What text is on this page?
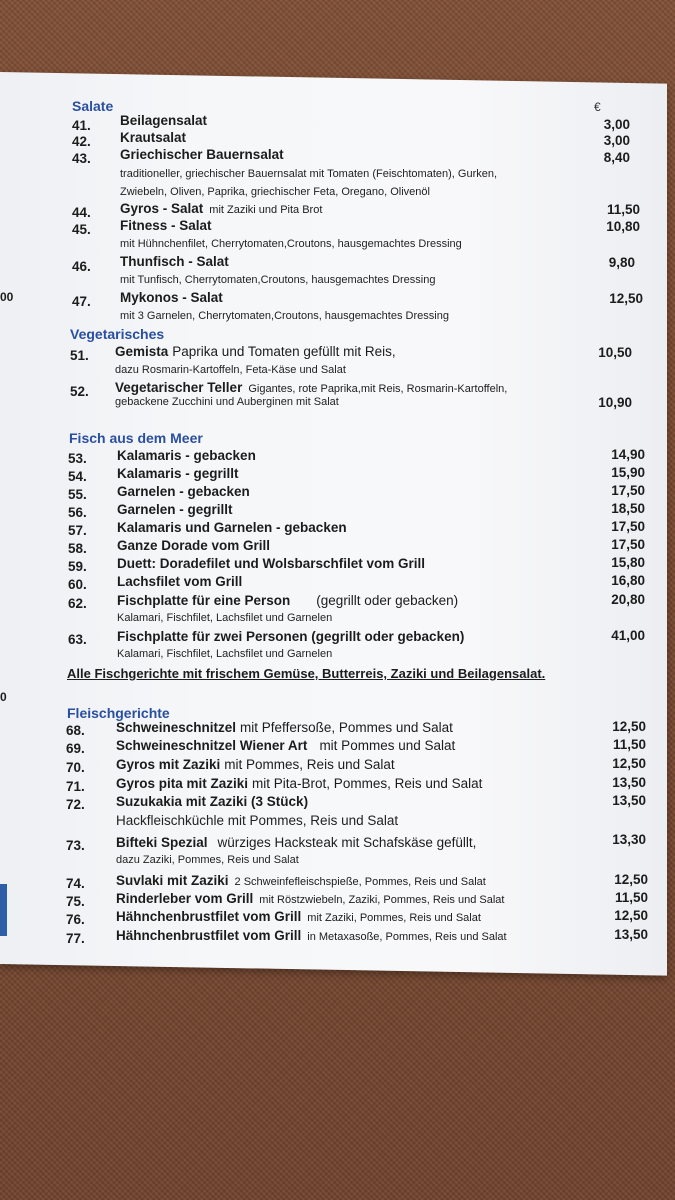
00
0
Salate	€
41. Beilagensalat	3,00
42. Krautsalat	3,00
43. Griechischer Bauernsalat	8,40
traditioneller, griechischer Bauernsalat mit Tomaten (Feischtomaten), Gurken,
Zwiebeln, Oliven, Paprika, griechischer Feta, Oregano, Olivenöl
44. Gyros - Salat mit Zaziki und Pita Brot	11,50
45. Fitness - Salat	10,80
mit Hühnchenfilet, Cherrytomaten,Croutons, hausgemachtes Dressing
46. Thunfisch - Salat	9,80
mit Tunfisch, Cherrytomaten,Croutons, hausgemachtes Dressing
47. Mykonos - Salat	12,50
mit 3 Garnelen, Cherrytomaten,Croutons, hausgemachtes Dressing
Vegetarisches
51. Gemista Paprika und Tomaten gefüllt mit Reis,	10,50
dazu Rosmarin-Kartoffeln, Feta-Käse und Salat
52. Vegetarischer Teller Gigantes, rote Paprika,mit Reis, Rosmarin-Kartoffeln,
gebackene Zucchini und Auberginen mit Salat	10,90
Fisch aus dem Meer
53. Kalamaris - gebacken	14,90
54. Kalamaris - gegrillt	15,90
55. Garnelen - gebacken	17,50
56. Garnelen - gegrillt	18,50
57. Kalamaris und Garnelen - gebacken	17,50
58. Ganze Dorade vom Grill	17,50
59. Duett: Doradefilet und Wolsbarschfilet vom Grill	15,80
60. Lachsfilet vom Grill	16,80
62. Fischplatte für eine Person (gegrillt oder gebacken)	20,80
Kalamari, Fischfilet, Lachsfilet und Garnelen
63. Fischplatte für zwei Personen (gegrillt oder gebacken)	41,00
Kalamari, Fischfilet, Lachsfilet und Garnelen
Alle Fischgerichte mit frischem Gemüse, Butterreis, Zaziki und Beilagensalat.
Fleischgerichte
68. Schweineschnitzel mit Pfeffersoße, Pommes und Salat	12,50
69. Schweineschnitzel Wiener Art mit Pommes und Salat	11,50
70. Gyros mit Zaziki mit Pommes, Reis und Salat	12,50
71. Gyros pita mit Zaziki mit Pita-Brot, Pommes, Reis und Salat	13,50
72. Suzukakia mit Zaziki (3 Stück)	13,50
Hackfleischküchle mit Pommes, Reis und Salat
73. Bifteki Spezial würziges Hacksteak mit Schafskäse gefüllt,	13,30
dazu Zaziki, Pommes, Reis und Salat
74. Suvlaki mit Zaziki 2 Schweinfefleischspieße, Pommes, Reis und Salat	12,50
75. Rinderleber vom Grill mit Röstzwiebeln, Zaziki, Pommes, Reis und Salat	11,50
76. Hähnchenbrustfilet vom Grill mit Zaziki, Pommes, Reis und Salat	12,50
77. Hähnchenbrustfilet vom Grill in Metaxasoße, Pommes, Reis und Salat	13,50
